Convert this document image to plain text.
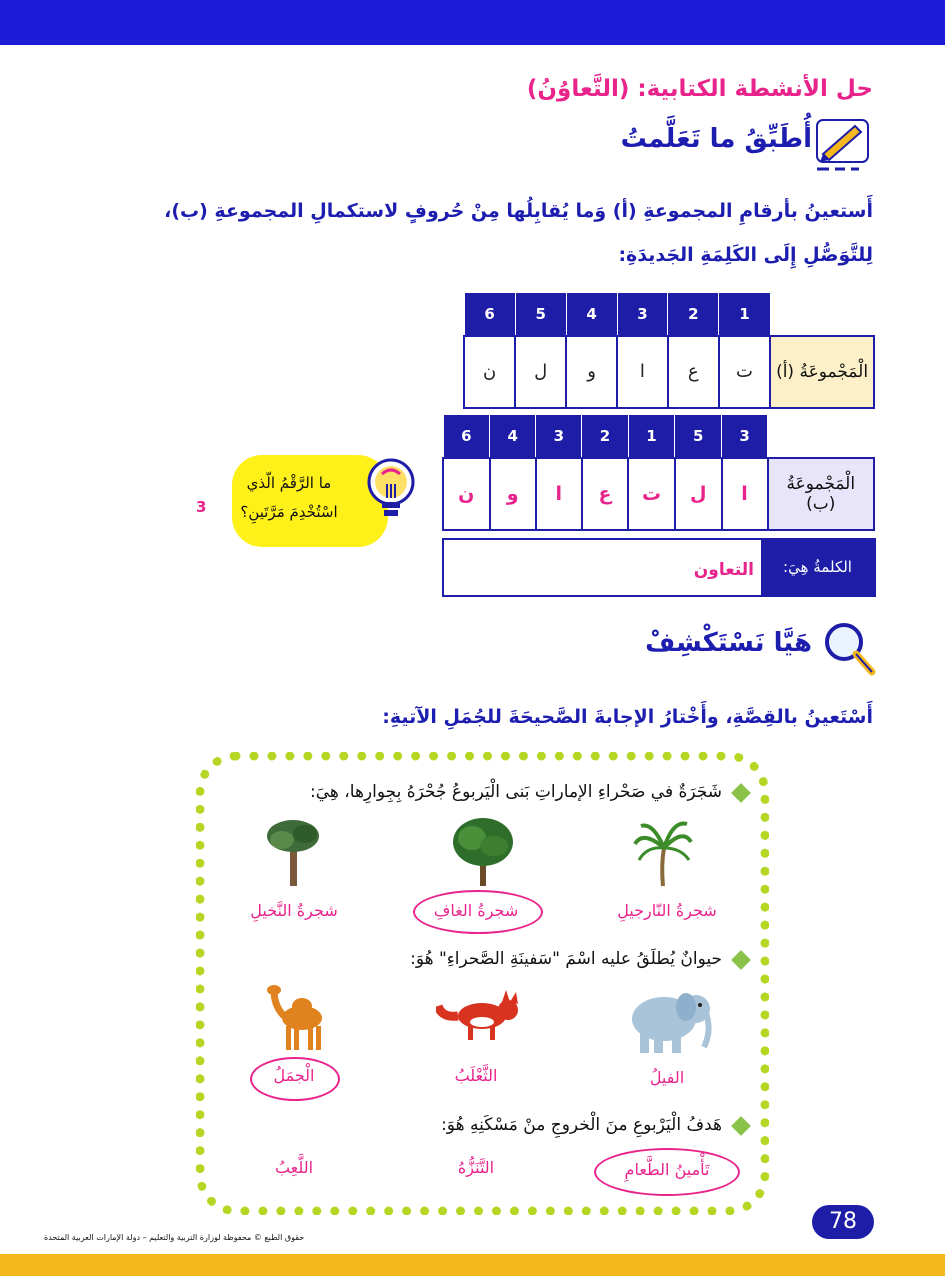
حل الأنشطة الكتابية: (التَّعاوُنُ)
أُطَبِّقُ ما تَعَلَّمتُ
أَستعينُ بأرقامِ المجموعةِ (أ) وَما يُقابِلُها مِنْ حُروفٍ لاستكمالِ المجموعةِ (ب)،
لِلتَّوَصُّلِ إِلَى الكَلِمَةِ الجَديدَةِ:
6	5	4	3	2	1	
ن	ل	و	ا	ع	ت	الْمَجْموعَةُ (أ)
6	4	3	2	1	5	3	
ن	و	ا	ع	ت	ل	ا	الْمَجْموعَةُ (ب)
الكلمةُ هِيَ:
التعاون
ما الرَّقْمُ الّذي
اسْتُخْدِمَ مَرَّتَينِ؟
3
هَيَّا نَسْتَكْشِفْ
أَسْتَعينُ بالقِصَّةِ، وأَخْتارُ الإجابةَ الصَّحيحَةَ للجُمَلِ الآتيةِ:
شَجَرَةٌ في صَحْراءِ الإماراتِ بَنى الْيَربوعُ جُحْرَهُ بِجِوارِها، هِيَ:
شجرةُ النّارجيلِ
شجرةُ الغافِ
شجرةُ النَّخيلِ
حيوانٌ يُطلَقُ عليه اسْمَ "سَفينَةِ الصَّحراءِ" هُوَ:
الفيلُ
الثَّعْلَبُ
الْجمَلُ
هَدفُ الْيَرْبوعِ منَ الْخروجِ منْ مَسْكَنِهِ هُوَ:
تَأْمينُ الطَّعامِ
التَّنَزُّهُ
اللَّعِبُ
78
حقوق الطبع © محفوظة لوزارة التربية والتعليم – دولة الإمارات العربية المتحدة
